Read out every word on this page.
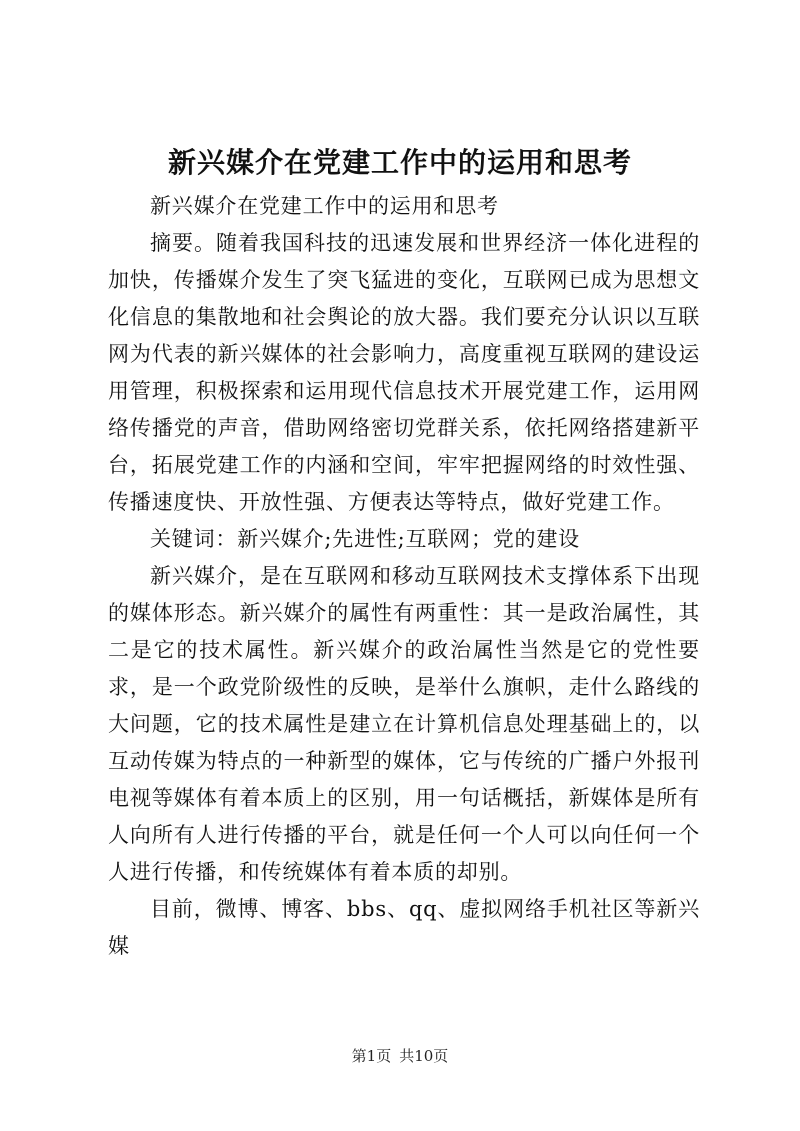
新兴媒介在党建工作中的运用和思考

新兴媒介在党建工作中的运用和思考

摘要。随着我国科技的迅速发展和世界经济一体化进程的加快，传播媒介发生了突飞猛进的变化，互联网已成为思想文化信息的集散地和社会舆论的放大器。我们要充分认识以互联网为代表的新兴媒体的社会影响力，高度重视互联网的建设运用管理，积极探索和运用现代信息技术开展党建工作，运用网络传播党的声音，借助网络密切党群关系，依托网络搭建新平台，拓展党建工作的内涵和空间，牢牢把握网络的时效性强、传播速度快、开放性强、方便表达等特点，做好党建工作。

关键词：新兴媒介;先进性;互联网；党的建设

新兴媒介，是在互联网和移动互联网技术支撑体系下出现的媒体形态。新兴媒介的属性有两重性：其一是政治属性，其二是它的技术属性。新兴媒介的政治属性当然是它的党性要求，是一个政党阶级性的反映，是举什么旗帜，走什么路线的大问题，它的技术属性是建立在计算机信息处理基础上的，以互动传媒为特点的一种新型的媒体，它与传统的广播户外报刊电视等媒体有着本质上的区别，用一句话概括，新媒体是所有人向所有人进行传播的平台，就是任何一个人可以向任何一个人进行传播，和传统媒体有着本质的却别。

目前，微博、博客、bbs、qq、虚拟网络手机社区等新兴媒

第1页 共10页
